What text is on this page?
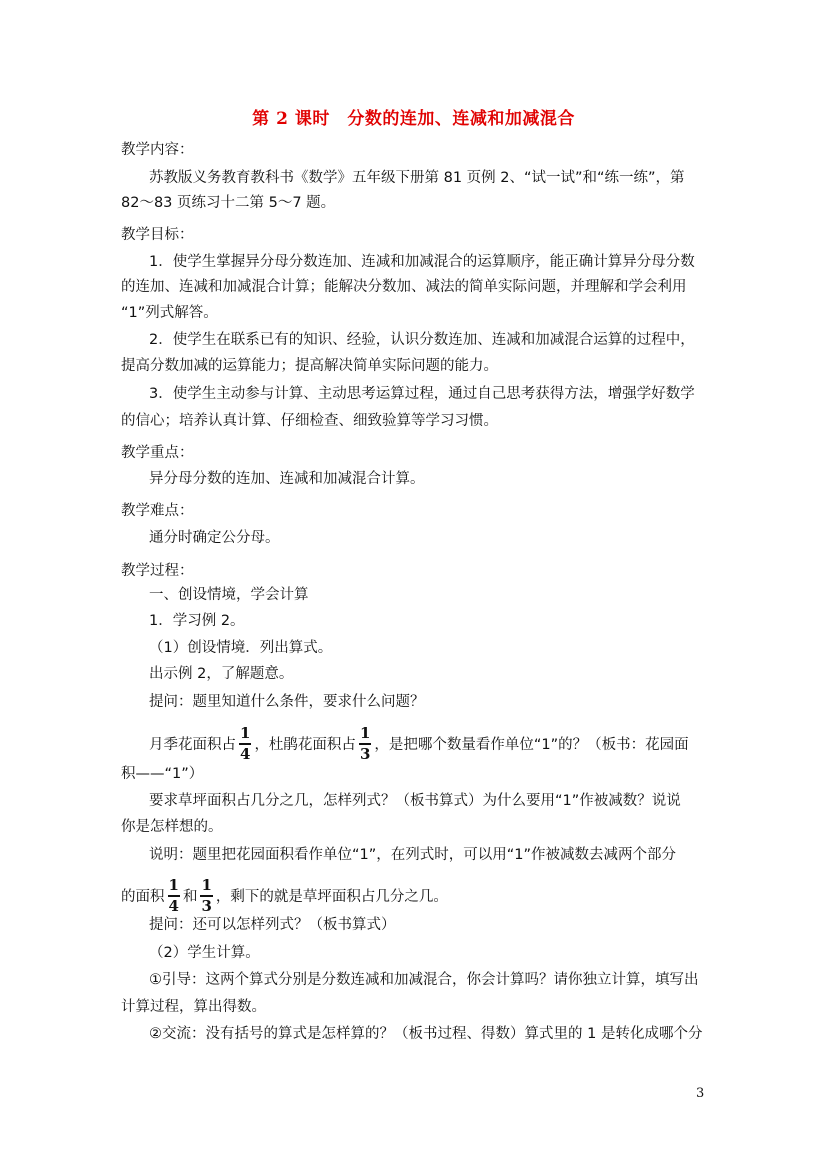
第 2 课时　分数的连加、连减和加减混合
教学内容：
苏教版义务教育教科书《数学》五年级下册第 81 页例 2、“试一试”和“练一练”，第
82～83 页练习十二第 5～7 题。
教学目标：
1．使学生掌握异分母分数连加、连减和加减混合的运算顺序，能正确计算异分母分数
的连加、连减和加减混合计算；能解决分数加、减法的简单实际问题，并理解和学会利用
“1”列式解答。
2．使学生在联系已有的知识、经验，认识分数连加、连减和加减混合运算的过程中，
提高分数加减的运算能力；提高解决简单实际问题的能力。
3．使学生主动参与计算、主动思考运算过程，通过自己思考获得方法，增强学好数学
的信心；培养认真计算、仔细检查、细致验算等学习习惯。
教学重点：
异分母分数的连加、连减和加减混合计算。
教学难点：
通分时确定公分母。
教学过程：
一、创设情境，学会计算
1．学习例 2。
（1）创设情境．列出算式。
出示例 2，了解题意。
提问：题里知道什么条件，要求什么问题？
月季花面积占 $\frac{1}{4}$ ，杜鹃花面积占 $\frac{1}{3}$ ，是把哪个数量看作单位“1”的？（板书：花园面
积——“1”）
要求草坪面积占几分之几，怎样列式？（板书算式）为什么要用“1”作被减数？说说
你是怎样想的。
说明：题里把花园面积看作单位“1”，在列式时，可以用“1”作被减数去减两个部分
的面积 $\frac{1}{4}$ 和 $\frac{1}{3}$ ，剩下的就是草坪面积占几分之几。
提问：还可以怎样列式？（板书算式）
（2）学生计算。
①引导：这两个算式分别是分数连减和加减混合，你会计算吗？请你独立计算，填写出
计算过程，算出得数。
②交流：没有括号的算式是怎样算的？（板书过程、得数）算式里的 1 是转化成哪个分
3
